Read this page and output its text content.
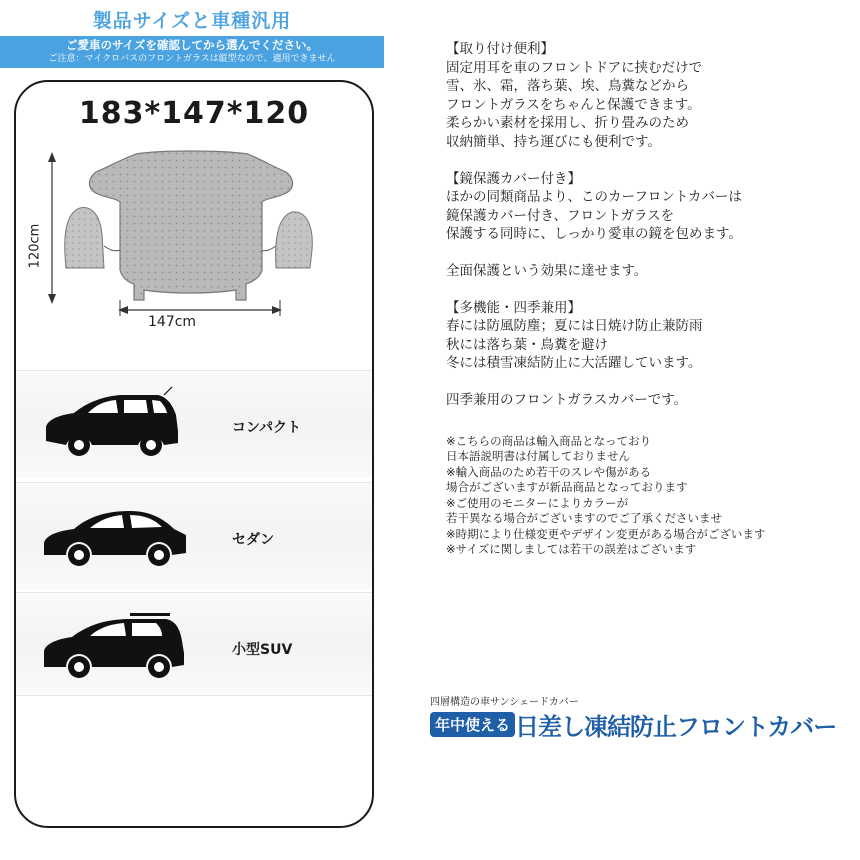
製品サイズと車種汎用
ご愛車のサイズを確認してから選んでください。
ご注意：マイクロバスのフロントガラスは縦型なので、適用できません
183*147*120
120cm
147cm
コンパクト
セダン
小型SUV

【取り付け便利】

固定用耳を車のフロントドアに挟むだけで

雪、氷、霜，落ち葉、埃、鳥糞などから

フロントガラスをちゃんと保護できます。

柔らかい素材を採用し、折り畳みのため

収納簡単、持ち運びにも便利です。

【鏡保護カバー付き】

ほかの同類商品より、このカーフロントカバーは

鏡保護カバー付き、フロントガラスを

保護する同時に、しっかり愛車の鏡を包めます。

全面保護という効果に達せます。

【多機能・四季兼用】

春には防風防塵；夏には日焼け防止兼防雨

秋には落ち葉・鳥糞を避け

冬には積雪凍結防止に大活躍しています。

四季兼用のフロントガラスカバーです。

※こちらの商品は輸入商品となっており

日本語説明書は付属しておりません

※輸入商品のため若干のスレや傷がある

場合がございますが新品商品となっております

※ご使用のモニターによりカラーが

若干異なる場合がございますのでご了承くださいませ

※時期により仕様変更やデザイン変更がある場合がございます

※サイズに関しましては若干の誤差はございます

四層構造の車サンシェードカバー
年中使える 日差し凍結防止フロントカバー
